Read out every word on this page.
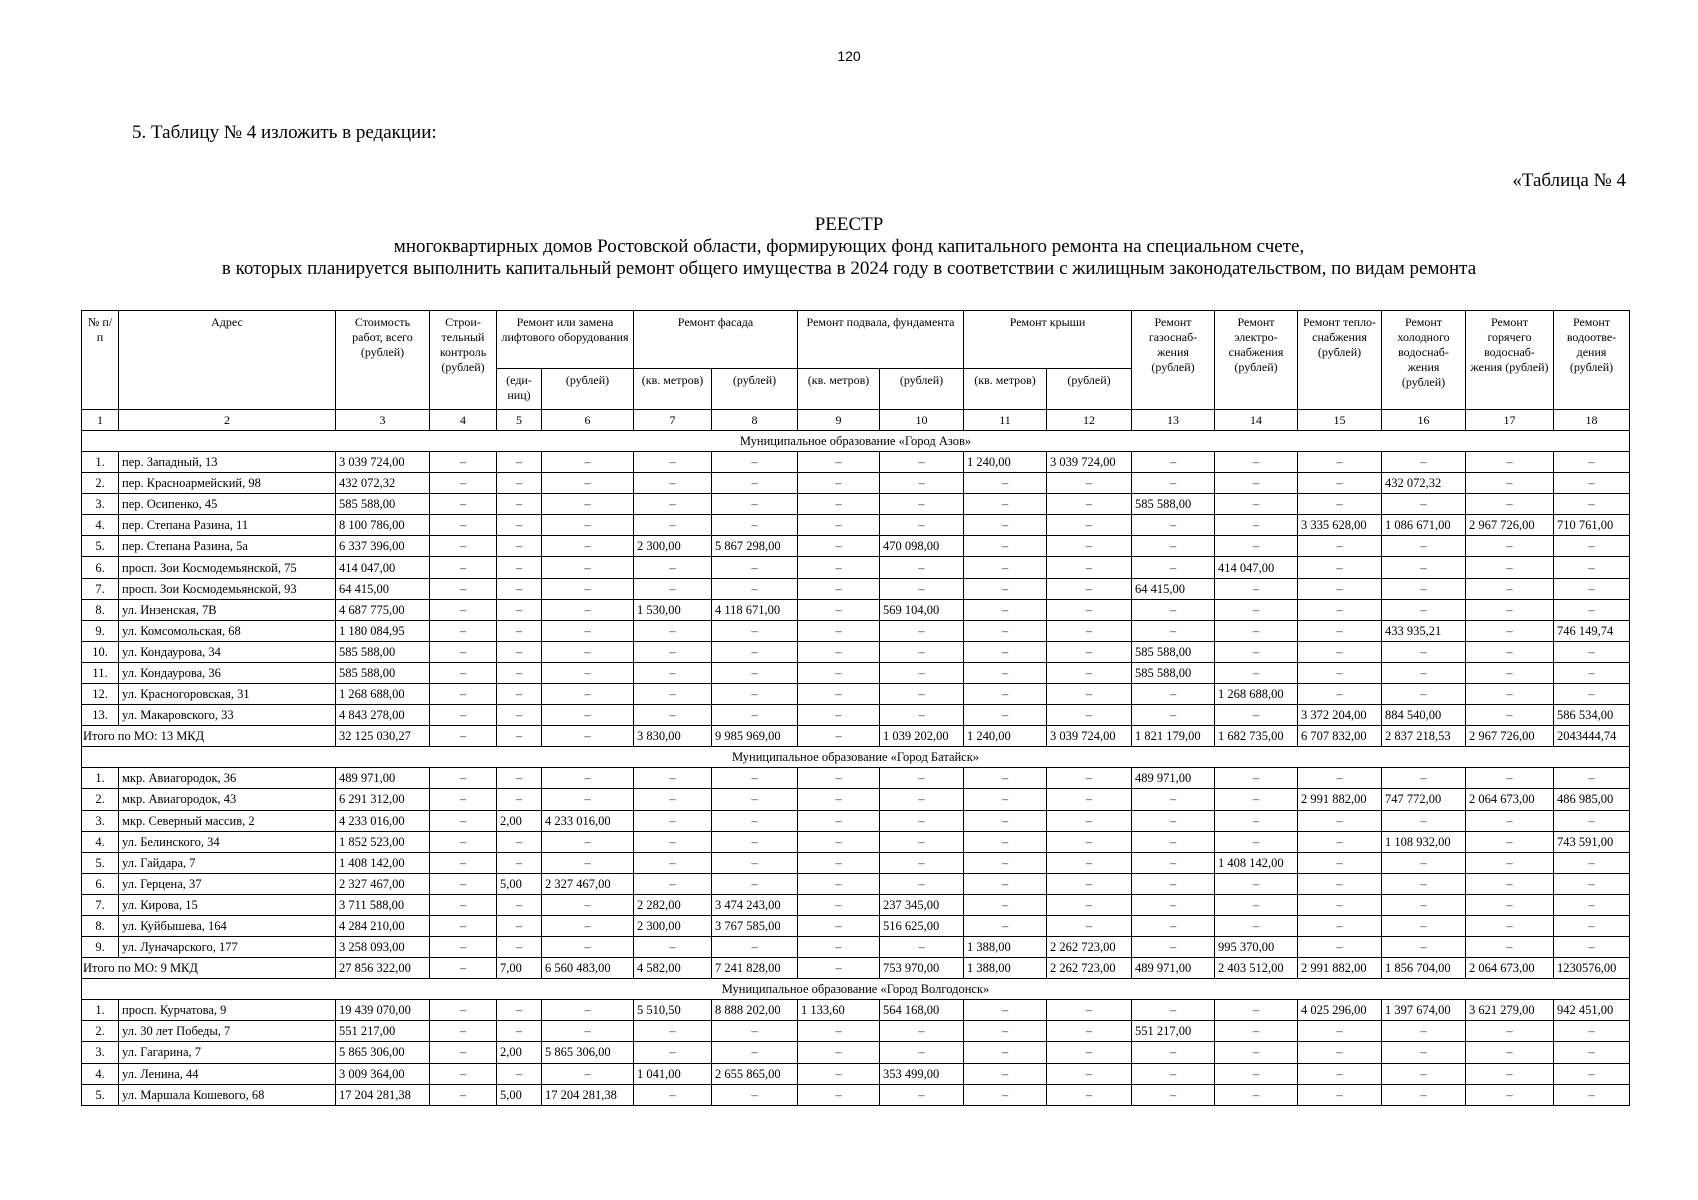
120
5. Таблицу № 4 изложить в редакции:
«Таблица № 4
РЕЕСТР
многоквартирных домов Ростовской области, формирующих фонд капитального ремонта на специальном счете,
в которых планируется выполнить капитальный ремонт общего имущества в 2024 году в соответствии с жилищным законодательством, по видам ремонта
№ п/п	Адрес	Стоимость работ, всего (рублей)	Строи-тельный контроль (рублей)	Ремонт или замена лифтового оборудования		Ремонт фасада		Ремонт подвала, фундамента		Ремонт крыши		Ремонт газоснаб-жения (рублей)	Ремонт электро-снабжения (рублей)	Ремонт тепло-снабжения (рублей)	Ремонт холодного водоснаб-жения (рублей)	Ремонт горячего водоснаб-жения (рублей)	Ремонт водоотве-дения (рублей)
				(еди-ниц)	(рублей)	(кв. метров)	(рублей)	(кв. метров)	(рублей)	(кв. метров)	(рублей)						
1	2	3	4	5	6	7	8	9	10	11	12	13	14	15	16	17	18
Муниципальное образование «Город Азов»																	
1.	пер. Западный, 13	3 039 724,00	–	–	–	–	–	–	–	1 240,00	3 039 724,00	–	–	–	–	–	–
2.	пер. Красноармейский, 98	432 072,32	–	–	–	–	–	–	–	–	–	–	–	–	432 072,32	–	–
3.	пер. Осипенко, 45	585 588,00	–	–	–	–	–	–	–	–	–	585 588,00	–	–	–	–	–
4.	пер. Степана Разина, 11	8 100 786,00	–	–	–	–	–	–	–	–	–	–	–	3 335 628,00	1 086 671,00	2 967 726,00	710 761,00
5.	пер. Степана Разина, 5а	6 337 396,00	–	–	–	2 300,00	5 867 298,00	–	470 098,00	–	–	–	–	–	–	–	–
6.	просп. Зои Космодемьянской, 75	414 047,00	–	–	–	–	–	–	–	–	–	–	414 047,00	–	–	–	–
7.	просп. Зои Космодемьянской, 93	64 415,00	–	–	–	–	–	–	–	–	–	64 415,00	–	–	–	–	–
8.	ул. Инзенская, 7В	4 687 775,00	–	–	–	1 530,00	4 118 671,00	–	569 104,00	–	–	–	–	–	–	–	–
9.	ул. Комсомольская, 68	1 180 084,95	–	–	–	–	–	–	–	–	–	–	–	–	433 935,21	–	746 149,74
10.	ул. Кондаурова, 34	585 588,00	–	–	–	–	–	–	–	–	–	585 588,00	–	–	–	–	–
11.	ул. Кондаурова, 36	585 588,00	–	–	–	–	–	–	–	–	–	585 588,00	–	–	–	–	–
12.	ул. Красногоровская, 31	1 268 688,00	–	–	–	–	–	–	–	–	–	–	1 268 688,00	–	–	–	–
13.	ул. Макаровского, 33	4 843 278,00	–	–	–	–	–	–	–	–	–	–	–	3 372 204,00	884 540,00	–	586 534,00
Итого по МО: 13 МКД		32 125 030,27	–	–	–	3 830,00	9 985 969,00	–	1 039 202,00	1 240,00	3 039 724,00	1 821 179,00	1 682 735,00	6 707 832,00	2 837 218,53	2 967 726,00	2043444,74
Муниципальное образование «Город Батайск»																	
1.	мкр. Авиагородок, 36	489 971,00	–	–	–	–	–	–	–	–	–	489 971,00	–	–	–	–	–
2.	мкр. Авиагородок, 43	6 291 312,00	–	–	–	–	–	–	–	–	–	–	–	2 991 882,00	747 772,00	2 064 673,00	486 985,00
3.	мкр. Северный массив, 2	4 233 016,00	–	2,00	4 233 016,00	–	–	–	–	–	–	–	–	–	–	–	–
4.	ул. Белинского, 34	1 852 523,00	–	–	–	–	–	–	–	–	–	–	–	–	1 108 932,00	–	743 591,00
5.	ул. Гайдара, 7	1 408 142,00	–	–	–	–	–	–	–	–	–	–	1 408 142,00	–	–	–	–
6.	ул. Герцена, 37	2 327 467,00	–	5,00	2 327 467,00	–	–	–	–	–	–	–	–	–	–	–	–
7.	ул. Кирова, 15	3 711 588,00	–	–	–	2 282,00	3 474 243,00	–	237 345,00	–	–	–	–	–	–	–	–
8.	ул. Куйбышева, 164	4 284 210,00	–	–	–	2 300,00	3 767 585,00	–	516 625,00	–	–	–	–	–	–	–	–
9.	ул. Луначарского, 177	3 258 093,00	–	–	–	–	–	–	–	1 388,00	2 262 723,00	–	995 370,00	–	–	–	–
Итого по МО: 9 МКД		27 856 322,00	–	7,00	6 560 483,00	4 582,00	7 241 828,00	–	753 970,00	1 388,00	2 262 723,00	489 971,00	2 403 512,00	2 991 882,00	1 856 704,00	2 064 673,00	1230576,00
Муниципальное образование «Город Волгодонск»																	
1.	просп. Курчатова, 9	19 439 070,00	–	–	–	5 510,50	8 888 202,00	1 133,60	564 168,00	–	–	–	–	4 025 296,00	1 397 674,00	3 621 279,00	942 451,00
2.	ул. 30 лет Победы, 7	551 217,00	–	–	–	–	–	–	–	–	–	551 217,00	–	–	–	–	–
3.	ул. Гагарина, 7	5 865 306,00	–	2,00	5 865 306,00	–	–	–	–	–	–	–	–	–	–	–	–
4.	ул. Ленина, 44	3 009 364,00	–	–	–	1 041,00	2 655 865,00	–	353 499,00	–	–	–	–	–	–	–	–
5.	ул. Маршала Кошевого, 68	17 204 281,38	–	5,00	17 204 281,38	–	–	–	–	–	–	–	–	–	–	–	–
